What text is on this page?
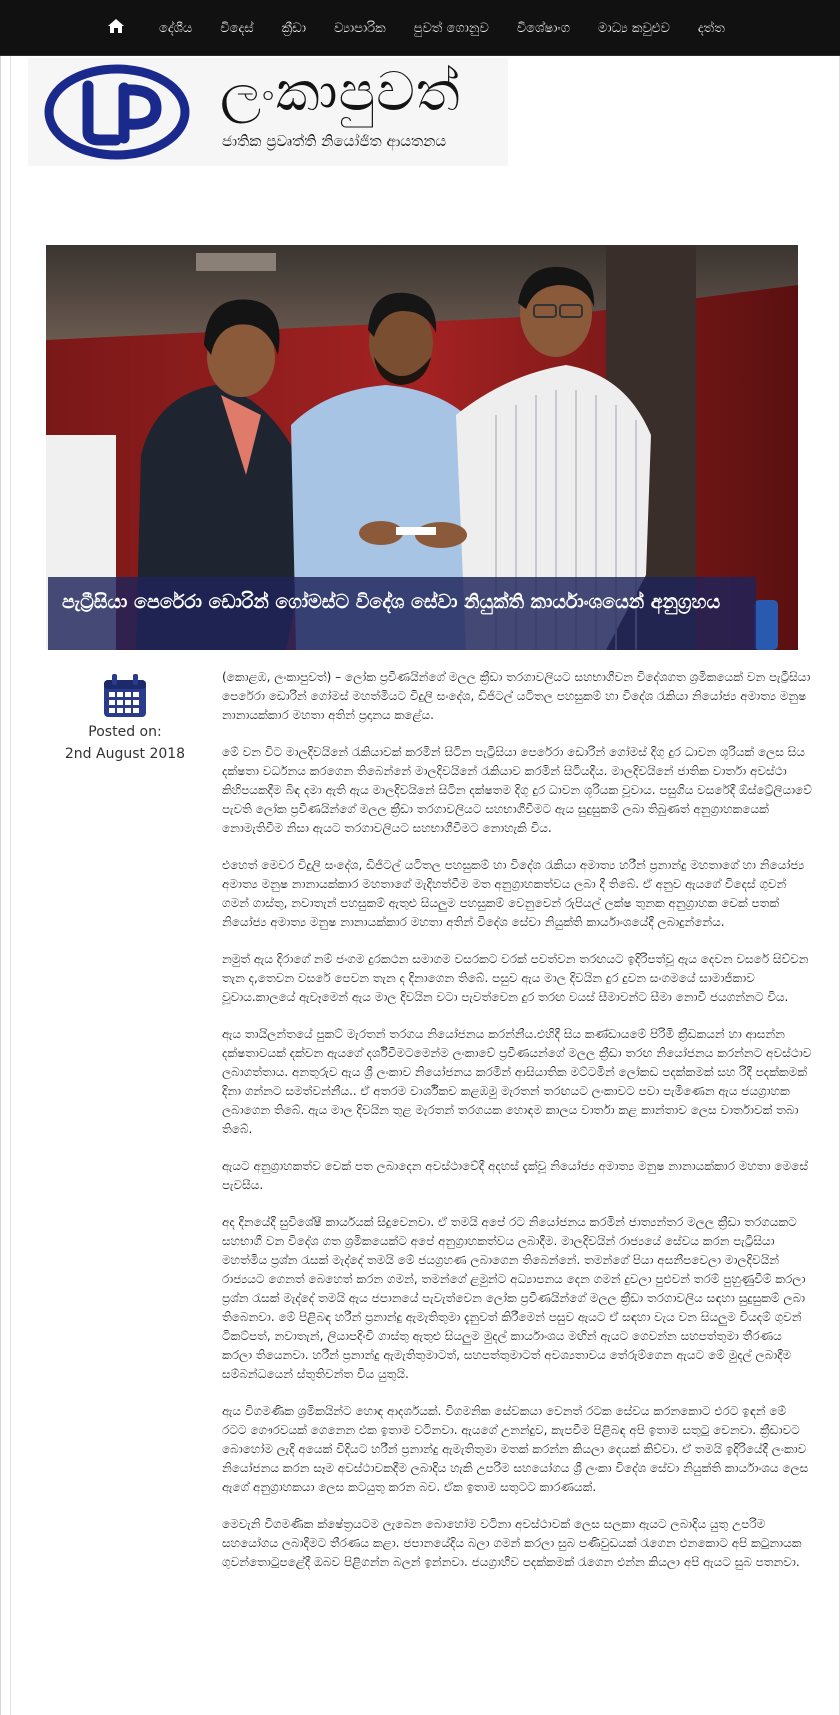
දේශීය විදෙස් ක්‍රීඩා ව්‍යාපාරික පුවත් ගොනුව විශේෂාංග මාධ්‍ය කවුළුව දත්ත
ලංකාපුවත්
ජාතික ප්‍රවෘත්ති නියෝජිත ආයතනය
පැට්‍රීසියා පෙරේරා ඩොරින් ගෝමස්ට විදේශ සේවා නියුක්ති කාර්යාංශයෙන් අනුග්‍රහය
Posted on:
2nd August 2018

(කොළඹ, ලංකාපුවත්) – ලෝක ප්‍රවීණයින්ගේ මලල ක්‍රීඩා තරගාවලියට සහභාගීවන විදේශගත ශ්‍රමිකයෙක් වන පැට්‍රීසියා පෙරේරා ඩොරින් ගෝමස් මහත්මියට විදුලි සංදේශ, ඩිජිටල් යටිතල පහසුකම් හා විදේශ රැකියා නියෝජ්‍ය අමාත්‍ය මනුෂ නානායක්කාර මහතා අතින් ප්‍රදානය කළේය.

මේ වන විට මාලදිවයිනේ රැකියාවක් කරමින් සිටින පැට්‍රීසියා පෙරේරා ඩොරින් ගෝමස් දිගු දුර ධාවන ශූරියක් ලෙස සිය දක්ෂතා වර්ධනය කරගෙන තිබෙන්නේ මාලදිවයිනේ රැකියාව කරමින් සිටියදීය. මාලදිවයිනේ ජාතික වාර්තා අවස්ථා කිහිපයකදීම බිඳ දමා ඇති ඇය මාලදිවයිනේ සිටින දක්ෂතම දිගු දුර ධාවන ශූරියක වූවාය. පසුගිය වසරේදී ඕස්ට්‍රේලියාවේ පැවති ලෝක ප්‍රවීණයින්ගේ මලල ක්‍රීඩා තරගාවලියට සහභාගීවීමට ඇය සුදුසුකම් ලබා තිබුණත් අනුග්‍රාහකයෙක් නොමැතිවීම නිසා ඇයට තරගාවලියට සහභාගීවීමට නොහැකි විය.

එහෙත් මෙවර විදුලි සංදේශ, ඩිජිටල් යටිතල පහසුකම් හා විදේශ රැකියා අමාත්‍ය හරීන් ප්‍රනාන්දු මහතාගේ හා නියෝජ්‍ය අමාත්‍ය මනුෂ නානායක්කාර මහතාගේ මැදිහත්වීම මත අනුග්‍රාහකත්වය ලබා දී තිබේ. ඒ අනුව ඇයගේ විදෙස් ගුවන් ගමන් ගාස්තු, නවාතැන් පහසුකම් ඇතුළු සියලුම පහසුකම් වෙනුවෙන් රුපියල් ලක්ෂ තුනක අනුග්‍රාහක චෙක් පතක් නියෝජ්‍ය අමාත්‍ය මනුෂ නානායක්කාර මහතා අතින් විදේශ සේවා නියුක්ති කාර්යාංශයේදී ලබාදුන්නේය.

නමුත් ඇය දිරාගේ නම් ජංගම දුරකථන සමාගම වසරකට වරක් පවත්වන තරඟයට ඉදිරිපත්වූ ඇය දෙවන වසරේ සිව්වන තැන ද,තෙවන වසරේ පෙවන තැන ද දිනාගෙන තිබේ. පසුව ඇය මාල දිවයින දුර දුවන සංගමයේ සාමාජිකාව වූවාය.කාලයේ ඇවෑමෙන් ඇය මාල දිවයින වටා පැවත්වෙන දුර තරඟ වයස් සීමාවන්ට සීමා නොවී ජයගන්නට විය.

ඇය තායිලන්තයේ පුකට් මැරතන් තරගය නියෝජනය කරන්නීය.එහිදී සිය කණ්ඩායමේ පිරිමි ක්‍රීඩකයන් හා ආසන්න දක්ෂතාවයක් දක්වන ඇයගේ දර්ශිවීමටමෙන්ම ලංකාවේ ප්‍රවීණයන්ගේ මලල ක්‍රීඩා තරඟ නියෝජනය කරන්නට අවස්ථාව ලබාගත්තාය. අනතුරුව ඇය ශ්‍රී ලංකාව නියෝජනය කරමින් ආසියාතික මට්ටමින් ලෝකඩ පදක්කමක් සහ රිදී පදක්කමක් දිනා ගන්නට සමත්වන්නීය.. ඒ අතරම වාර්ශිකව කළඹමු මැරතන් තරඟයට ලංකාවට පවා පැමිණෙන ඇය ජයග්‍රාහක ලබාගෙන තිබේ. ඇය මාල දිවයින තුළ මැරතන් තරගයක හොඳම කාලය වාර්තා කළ කාන්තාව ලෙස වාර්තාවක් තබා තිබේ.

ඇයට අනුග්‍රාහකත්ව චෙක් පත ලබාදෙන අවස්ථාවේදී අදහස් දැක්වූ නියෝජ්‍ය අමාත්‍ය මනුෂ නානායක්කාර මහතා මෙසේ පැවසීය.

අද දිනයේදී සුවිශේෂී කාර්යයක් සිදුවෙනවා. ඒ තමයි අපේ රට නියෝජනය කරමින් ජාත්‍යන්තර මලල ක්‍රීඩා තරගයකට සහභාගී වන විදේශ ගත ශ්‍රමිකයෙක්ට අපේ අනුග්‍රාහකත්වය ලබාදීම. මාලදිවයින් රාජ්‍යයේ සේවය කරන පැට්‍රීසියා මහත්මිය ප්‍රශ්න රැසක් මැද්දේ තමයි මේ ජයග්‍රහණ ලබාගෙන තිබෙන්නේ. තමන්ගේ පියා අසනීපවෙලා මාලදිවයින් රාජ්‍යයට ගෙනත් බෙහෙත් කරන ගමන්, තමන්ගේ ළමුන්ට අධ්‍යාපනය දෙන ගමන් දුවලා පුළුවන් තරම් පුහුණුවීම් කරලා ප්‍රශ්න රැසක් මැද්දේ තමයි ඇය ජපානයේ පැවැත්වෙන ලෝක ප්‍රවීණයින්ගේ මලල ක්‍රීඩා තරගාවලිය සඳහා සුදුසුකම් ලබා තිබෙනවා. මේ පිළිබඳ හරීන් ප්‍රනාන්දු ඇමැතිතුමා දැනුවත් කිරීමෙන් පසුව ඇයට ඒ සඳහා වැය වන සියලුම වියදම් ගුවන් ටිකට්පත්, නවාතැන්, ලියාපදිංචි ගාස්තු ඇතුළු සියලුම මුදල් කාර්යාංශය මඟින් ඇයට ගෙවන්න සහපත්තුමා තීරණය කරලා තියෙනවා. හරීන් ප්‍රනාන්දු ඇමැතිතුමාටත්, සහපත්තුමාටත් අවශ්‍යතාවය තේරුම්ගෙන ඇයට මේ මුදල් ලබාදීම සම්බන්ධයෙන් ස්තුතිවන්ත විය යුතුයි.

ඇය විගමණික ශ්‍රමිකයින්ට හොඳ ආදර්ශයක්. විගමනික සේවකයා වෙනත් රටක සේවය කරනකොට එරට ඉඳන් මේ රටට ගෞරවයක් ගෙනෙන එක ඉතාම වටිනවා. ඇයගේ උනන්දුව, කැපවීම පිළිබඳ අපි ඉතාම සතුටු වෙනවා. ක්‍රීඩාවට බොහෝම ලැදි අයෙක් විදියට හරීන් ප්‍රනාන්දු ඇමැතිතුමා මතක් කරන්න කියලා දෙයක් කිව්වා. ඒ තමයි ඉදිරියේදී ලංකාව නියෝජනය කරන සෑම අවස්ථාවකදීම ලබාදිය හැකි උපරිම සහයෝගය ශ්‍රී ලංකා විදේශ සේවා නියුක්ති කාර්යාංශය ලෙස ඇගේ අනුග්‍රාහකයා ලෙස කටයුතු කරන බව. ඒක ඉතාම සතුටට කාරණයක්.

මෙවැනි විගමණික ක්ෂේත්‍රයටම ලැබෙන බොහෝම වටිනා අවස්ථාවක් ලෙස සලකා ඇයට ලබාදිය යුතු උපරිම සහයෝගය ලබාදීමට තීරණය කළා. ජපානයේදිය බලා ගමන් කරලා සුබ පණිවුඩයක් රැගෙන එනකොට අපි කටුනායක ගුවන්තොටුපළේදී ඔබව පිළිගන්න බලන් ඉන්නවා. ජයග්‍රාහීව පදක්කමක් රැගෙන එන්න කියලා අපි ඇයට සුබ පතනවා.
